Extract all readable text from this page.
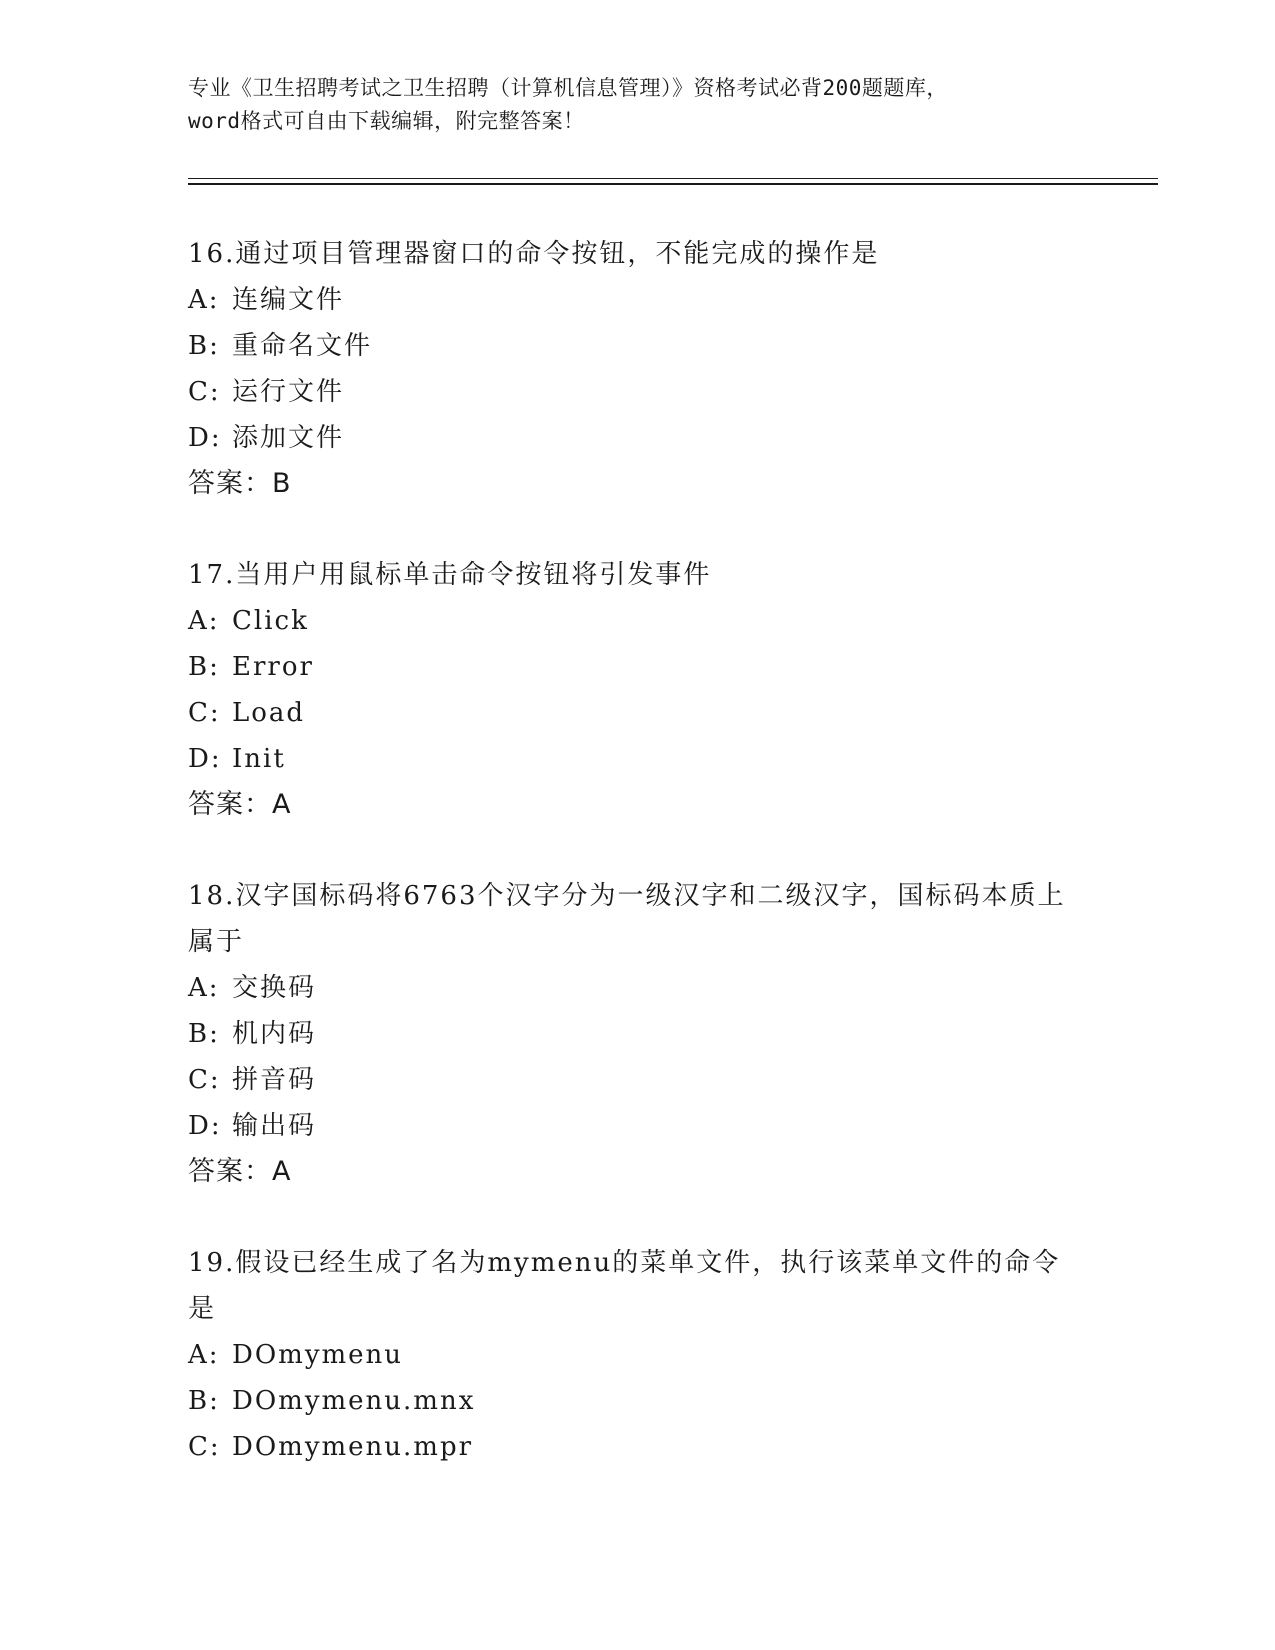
专业《卫生招聘考试之卫生招聘（计算机信息管理）》资格考试必背200题题库，
word格式可自由下载编辑，附完整答案！
16.通过项目管理器窗口的命令按钮，不能完成的操作是
A: 连编文件
B: 重命名文件
C: 运行文件
D: 添加文件
答案：B
17.当用户用鼠标单击命令按钮将引发事件
A: Click
B: Error
C: Load
D: Init
答案：A
18.汉字国标码将6763个汉字分为一级汉字和二级汉字，国标码本质上属于
A: 交换码
B: 机内码
C: 拼音码
D: 输出码
答案：A
19.假设已经生成了名为mymenu的菜单文件，执行该菜单文件的命令是
A: DOmymenu
B: DOmymenu.mnx
C: DOmymenu.mpr
